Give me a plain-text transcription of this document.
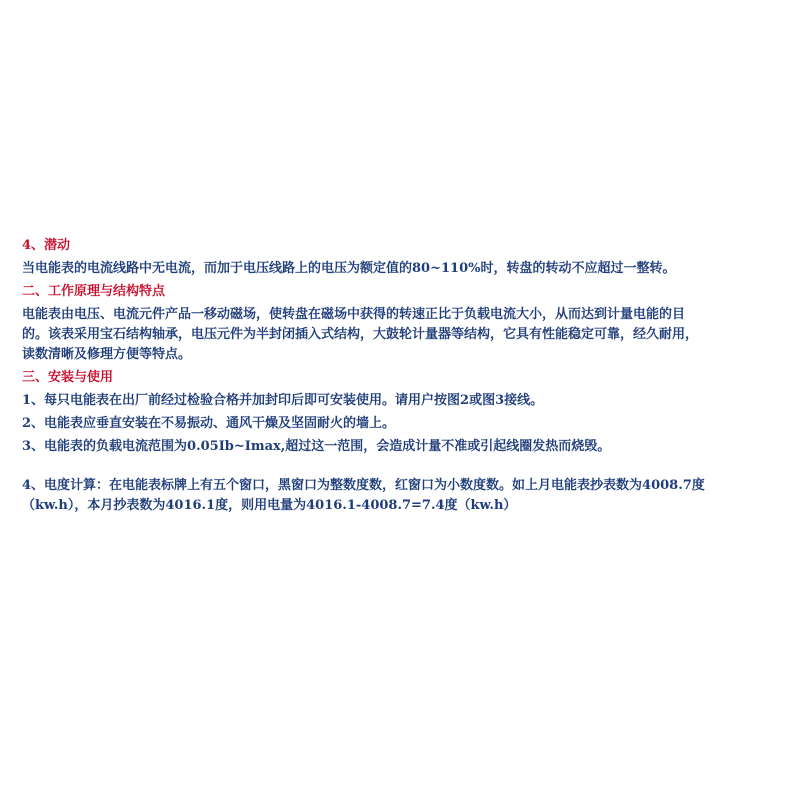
4、潜动
当电能表的电流线路中无电流，而加于电压线路上的电压为额定值的80~110%时，转盘的转动不应超过一整转。
二、工作原理与结构特点
电能表由电压、电流元件产品一移动磁场，使转盘在磁场中获得的转速正比于负载电流大小，从而达到计量电能的目
的。该表采用宝石结构轴承，电压元件为半封闭插入式结构，大鼓轮计量器等结构，它具有性能稳定可靠，经久耐用，
读数清晰及修理方便等特点。
三、安装与使用
1、每只电能表在出厂前经过检验合格并加封印后即可安装使用。请用户按图2或图3接线。
2、电能表应垂直安装在不易振动、通风干燥及坚固耐火的墙上。
3、电能表的负载电流范围为0.05Ib~Imax,超过这一范围，会造成计量不准或引起线圈发热而烧毁。
4、电度计算：在电能表标牌上有五个窗口，黑窗口为整数度数，红窗口为小数度数。如上月电能表抄表数为4008.7度
（kw.h），本月抄表数为4016.1度，则用电量为4016.1-4008.7=7.4度（kw.h）
